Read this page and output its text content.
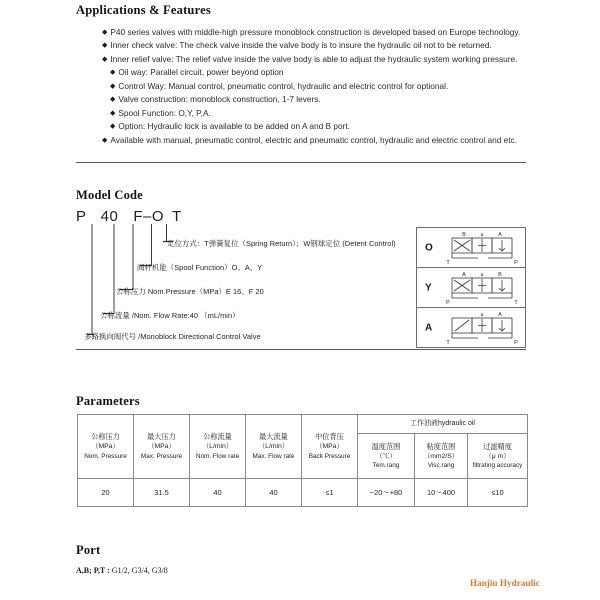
Applications & Features
◆ P40 series valves with middle-high pressure monoblock construction is developed based on Europe technology.
◆ Inner check valve: The check valve inside the valve body is to insure the hydraulic oil not to be returned.
◆ Inner relief valve: The relief valve inside the valve body is able to adjust the hydraulic system working pressure.
◆ Oil way: Parallel circuit, power beyond option
◆ Control Way: Manual control, pneumatic control, hydraulic and electric control for optional.
◆ Valve construction: monoblock construction, 1-7 levers.
◆ Spool Function: O,Y, P,A.
◆ Option: Hydraulic lock is available to be added on A and B port.
◆ Available with manual, pneumatic control, electric and pneumatic control, hydraulic and electric control and etc.
Model Code
P 40 F–O T
定位方式：T弹簧复位（Spring Return）；W钢球定位 (Detent Control)
阀杆机能（Spool Function）O、A、Y
公称压力 Nom.Pressure（MPa）E 16、F 20
公称流量 /Nom. Flow Rate:40 （mL/min）
多路换向阀代号 /Monoblock Directional Control Valve
O
B	ø	A
T	P
Y
A	ø	B
P	T
A
ø	A
T	P
Parameters
公称压力
（MPa）
Nom. Pressure	最大压力
（MPa）
Max. Pressure	公称流量
（L/min）
Nom. Flow rate	最大流量
（L/min）
Max. Flow rate	中位背压
（MPa）
Back Pressure	工作油液hydraulic oil		

					温度范围
（℃）
Tem.rang	粘度范围
（mm2/S）
Visc.rang	过滤精度
（μ m）
filtrating accuracy

20	31.5	40	40	≤1	−20～+80	10～400	≤10
Port
A,B; P,T : G1/2, G3/4, G3/8
Hanjiu Hydraulic
